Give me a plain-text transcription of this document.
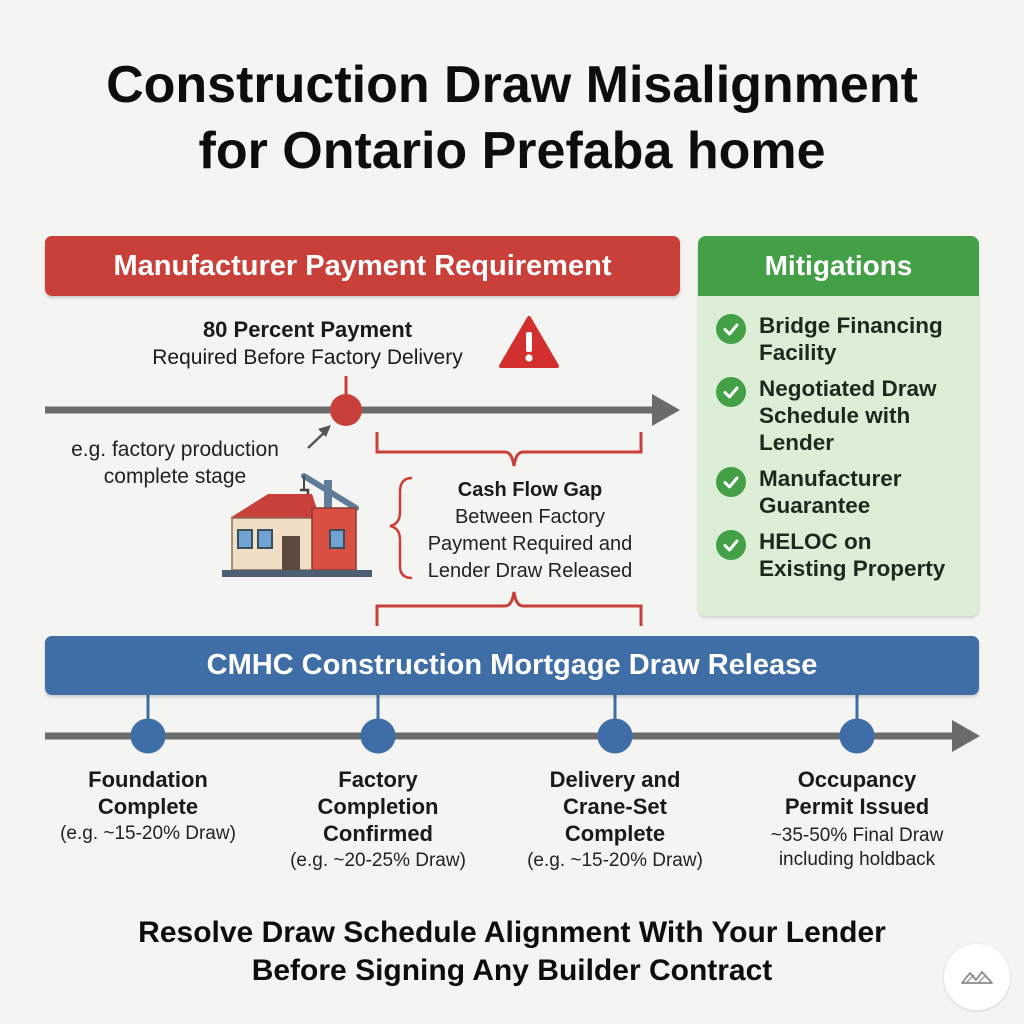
Construction Draw Misalignment
for Ontario Prefaba home
Manufacturer Payment Requirement
80 Percent Payment
Required Before Factory Delivery
e.g. factory production
complete stage
Cash Flow Gap
Between Factory
Payment Required and
Lender Draw Released
Mitigations
Bridge Financing
Facility
Negotiated Draw
Schedule with
Lender
Manufacturer
Guarantee
HELOC on
Existing Property
CMHC Construction Mortgage Draw Release
Foundation
Complete
(e.g. ~15-20% Draw)
Factory
Completion
Confirmed
(e.g. ~20-25% Draw)
Delivery and
Crane-Set
Complete
(e.g. ~15-20% Draw)
Occupancy
Permit Issued
~35-50% Final Draw
including holdback
Resolve Draw Schedule Alignment With Your Lender
Before Signing Any Builder Contract
